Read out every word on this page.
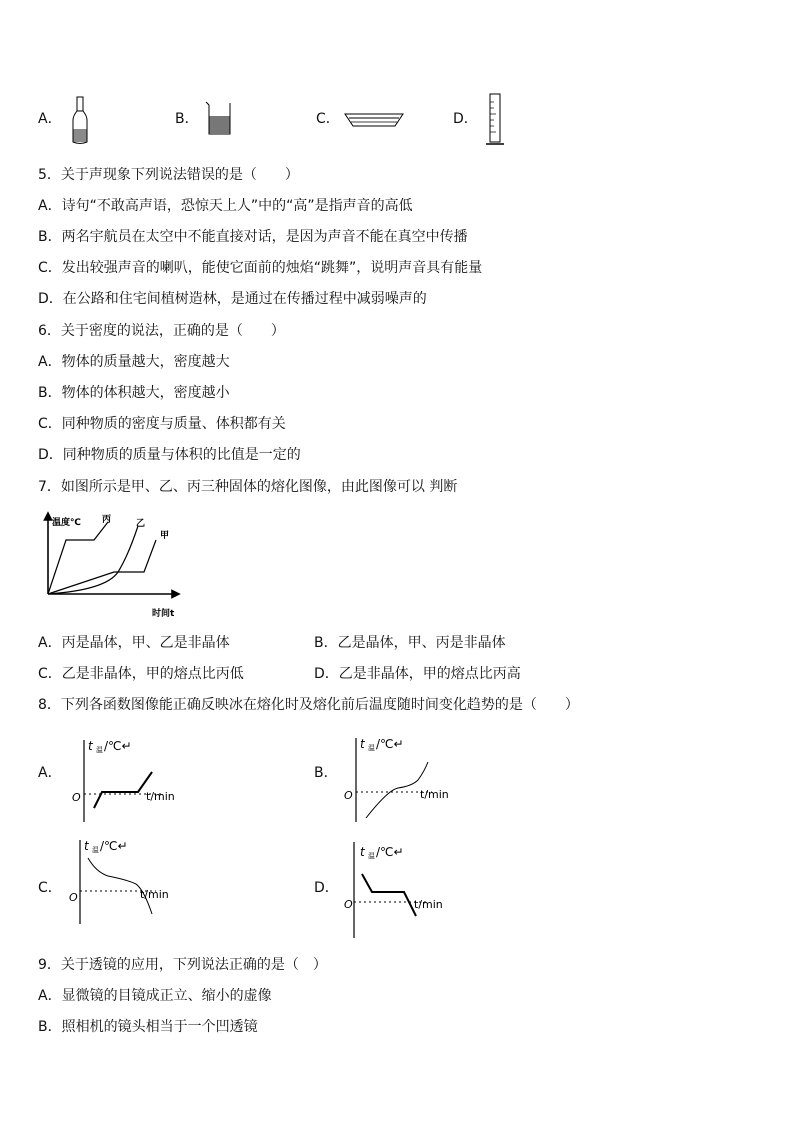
A．	B．	C．	D．
5．关于声现象下列说法错误的是（　　）
A．诗句“不敢高声语，恐惊天上人”中的“高”是指声音的高低
B．两名宇航员在太空中不能直接对话，是因为声音不能在真空中传播
C．发出较强声音的喇叭，能使它面前的烛焰“跳舞”，说明声音具有能量
D．在公路和住宅间植树造林，是通过在传播过程中减弱噪声的
6．关于密度的说法，正确的是（　　）
A．物体的质量越大，密度越大
B．物体的体积越大，密度越小
C．同种物质的密度与质量、体积都有关
D．同种物质的质量与体积的比值是一定的
7．如图所示是甲、乙、丙三种固体的熔化图像，由此图像可以 判断
温度℃
时间t
丙	乙
甲
A．丙是晶体，甲、乙是非晶体	B．乙是晶体，甲、丙是非晶体
C．乙是非晶体，甲的熔点比丙低	D．乙是非晶体，甲的熔点比丙高
8．下列各函数图像能正确反映冰在熔化时及熔化前后温度随时间变化趋势的是（　　）
A．
t 温 /℃↵
O	t/min
B．
t 温 /℃↵
O	t/min
C．
t 温 /℃↵
O	t/min	D．
t 温 /℃↵
O	t/min
9．关于透镜的应用，下列说法正确的是（　）
A．显微镜的目镜成正立、缩小的虚像
B．照相机的镜头相当于一个凹透镜
